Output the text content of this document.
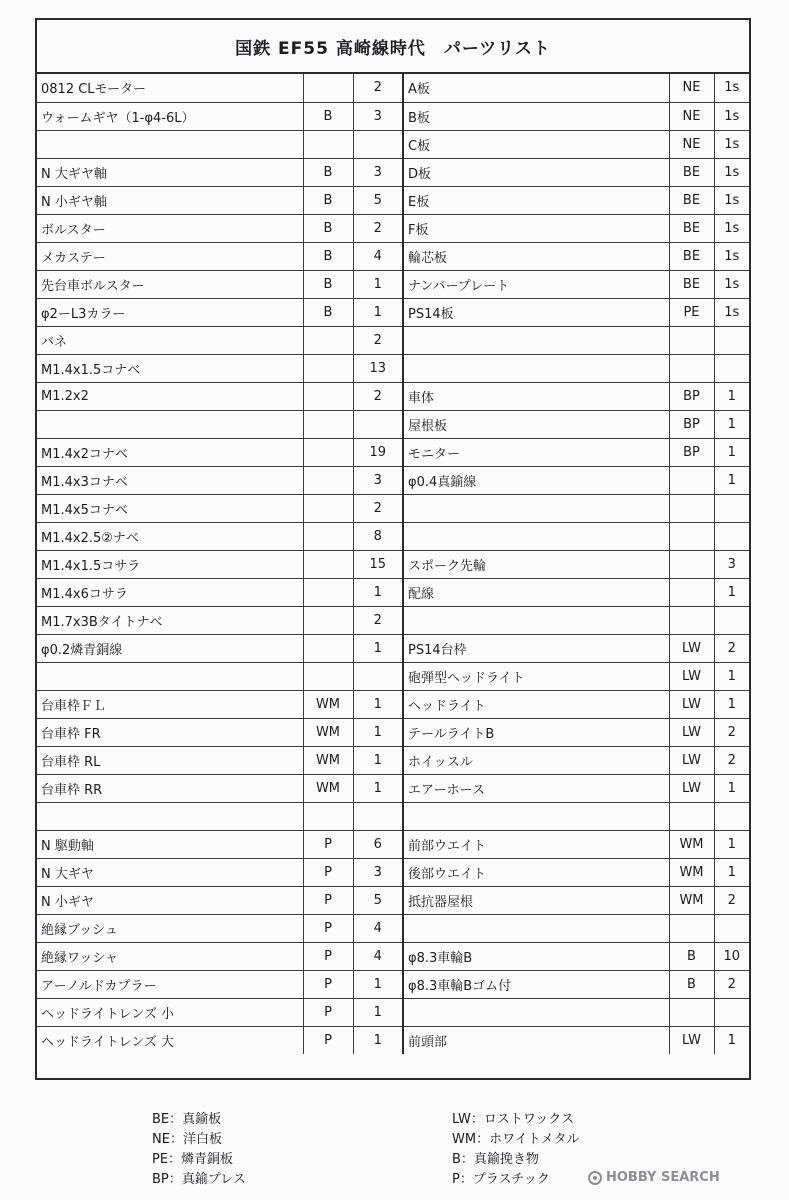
国鉄 EF55 高崎線時代　パーツリスト
0812 CLモーター		2	A板	NE	1s
ウォームギヤ（1-φ4-6L）	B	3	B板	NE	1s
			C板	NE	1s
N 大ギヤ軸	B	3	D板	BE	1s
N 小ギヤ軸	B	5	E板	BE	1s
ボルスター	B	2	F板	BE	1s
メカステー	B	4	輪芯板	BE	1s
先台車ボルスター	B	1	ナンバープレート	BE	1s
φ2ーL3カラー	B	1	PS14板	PE	1s
バネ		2			
M1.4x1.5コナベ		13			
M1.2x2		2	車体	BP	1
			屋根板	BP	1
M1.4x2コナベ		19	モニター	BP	1
M1.4x3コナベ		3	φ0.4真鍮線		1
M1.4x5コナベ		2			
M1.4x2.5②ナベ		8			
M1.4x1.5コサラ		15	スポーク先輪		3
M1.4x6コサラ		1	配線		1
M1.7x3Bタイトナベ		2			
φ0.2燐青銅線		1	PS14台枠	LW	2
			砲弾型ヘッドライト	LW	1
台車枠ＦＬ	WM	1	ヘッドライト	LW	1
台車枠 FR	WM	1	テールライトB	LW	2
台車枠 RL	WM	1	ホイッスル	LW	2
台車枠 RR	WM	1	エアーホース	LW	1

N 駆動軸	P	6	前部ウエイト	WM	1
N 大ギヤ	P	3	後部ウエイト	WM	1
N 小ギヤ	P	5	抵抗器屋根	WM	2
絶縁ブッシュ	P	4			
絶縁ワッシャ	P	4	φ8.3車輪B	B	10
アーノルドカプラー	P	1	φ8.3車輪Bゴム付	B	2
ヘッドライトレンズ 小	P	1			
ヘッドライトレンズ 大	P	1	前頭部	LW	1
BE：真鍮板
NE：洋白板
PE：燐青銅板
BP：真鍮プレス
LW：ロストワックス
WM：ホワイトメタル
B：真鍮挽き物
P：プラスチック	HOBBY SEARCH
